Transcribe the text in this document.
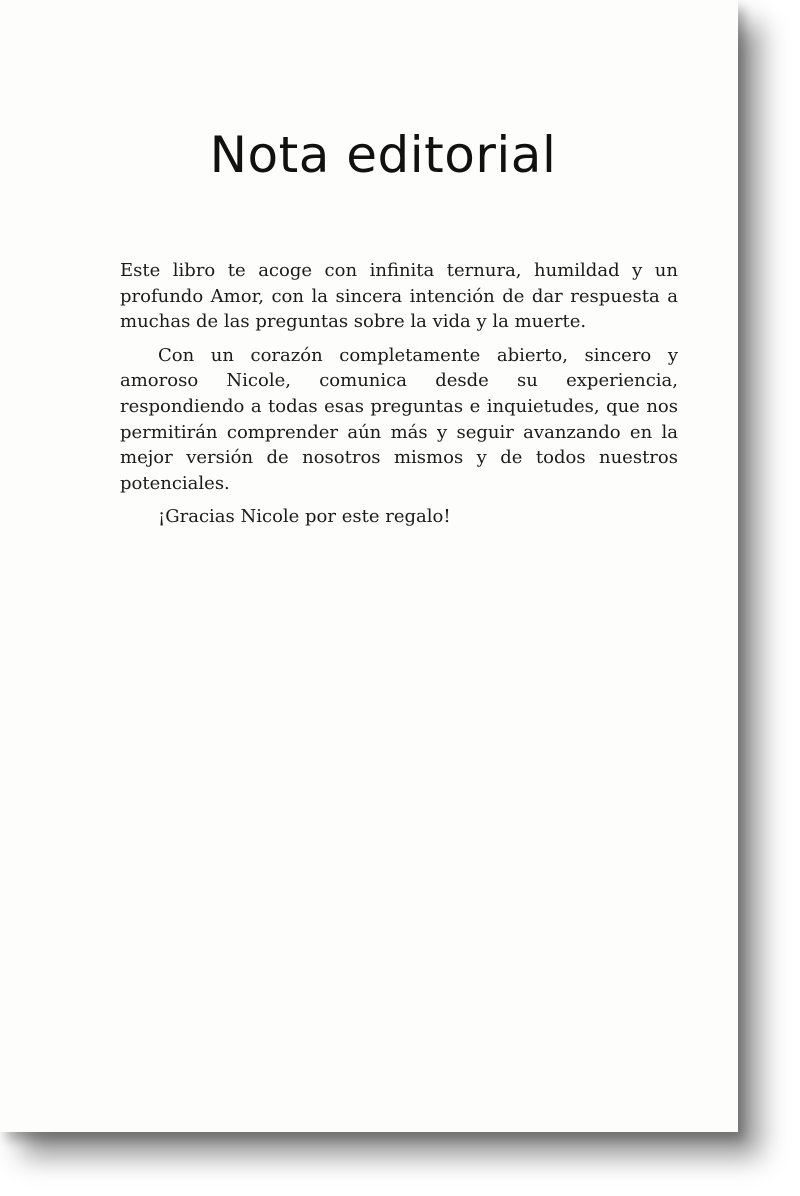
Nota editorial

Este libro te acoge con infinita ternura, humildad y un profundo Amor, con la sincera intención de dar respuesta a muchas de las preguntas sobre la vida y la muerte.

Con un corazón completamente abierto, sincero y amoroso Nicole, comunica desde su experiencia, respondiendo a todas esas preguntas e inquietudes, que nos permitirán comprender aún más y seguir avanzando en la mejor versión de nosotros mismos y de todos nuestros potenciales.

¡Gracias Nicole por este regalo!
